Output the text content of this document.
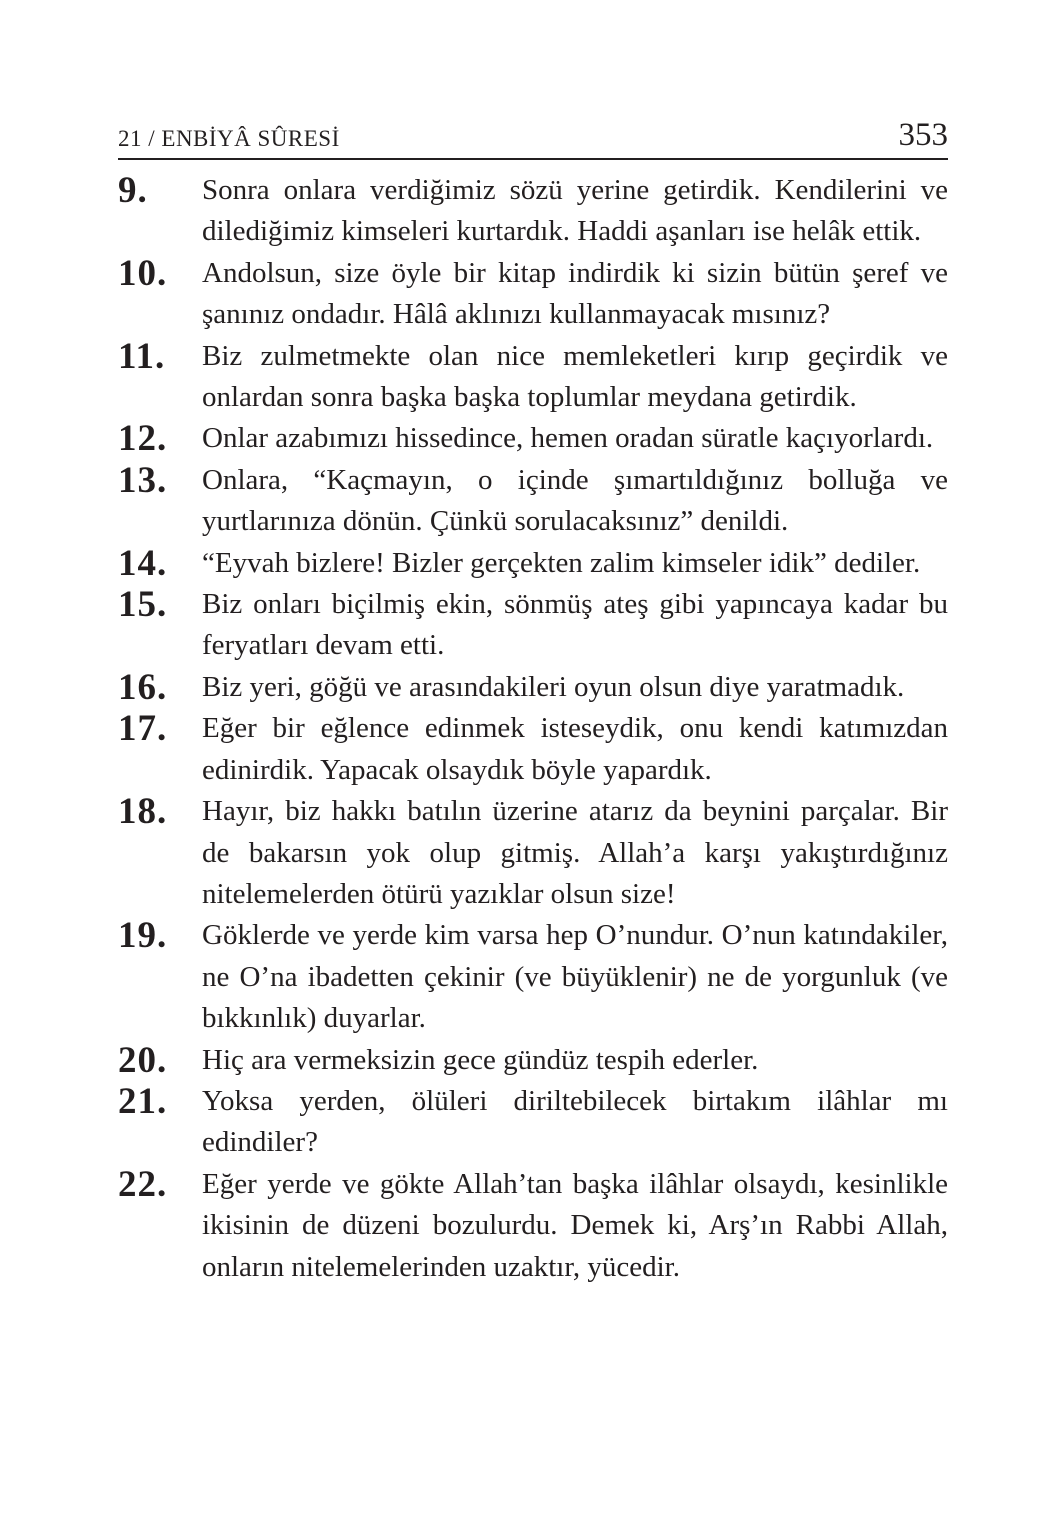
21 / ENBİYÂ SÛRESİ	353
9.	Sonra onlara verdiğimiz sözü yerine getirdik. Kendilerini ve dilediğimiz kimseleri kurtardık. Haddi aşanları ise helâk ettik.
10.	Andolsun, size öyle bir kitap indirdik ki sizin bütün şeref ve şanınız ondadır. Hâlâ aklınızı kullanmayacak mısınız?
11.	Biz zulmetmekte olan nice memleketleri kırıp geçirdik ve onlardan sonra başka başka toplumlar meydana getirdik.
12.	Onlar azabımızı hissedince, hemen oradan süratle kaçıyorlardı.
13.	Onlara, “Kaçmayın, o içinde şımartıldığınız bolluğa ve yurtlarınıza dönün. Çünkü sorulacaksınız” denildi.
14.	“Eyvah bizlere! Bizler gerçekten zalim kimseler idik” dediler.
15.	Biz onları biçilmiş ekin, sönmüş ateş gibi yapıncaya kadar bu feryatları devam etti.
16.	Biz yeri, göğü ve arasındakileri oyun olsun diye yaratmadık.
17.	Eğer bir eğlence edinmek isteseydik, onu kendi katımızdan edinirdik. Yapacak olsaydık böyle yapardık.
18.	Hayır, biz hakkı batılın üzerine atarız da beynini parçalar. Bir de bakarsın yok olup gitmiş. Allah’a karşı yakıştırdığınız nitelemelerden ötürü yazıklar olsun size!
19.	Göklerde ve yerde kim varsa hep O’nundur. O’nun katındakiler, ne O’na ibadetten çekinir (ve büyüklenir) ne de yorgunluk (ve bıkkınlık) duyarlar.
20.	Hiç ara vermeksizin gece gündüz tespih ederler.
21.	Yoksa yerden, ölüleri diriltebilecek birtakım ilâhlar mı edindiler?
22.	Eğer yerde ve gökte Allah’tan başka ilâhlar olsaydı, kesinlikle ikisinin de düzeni bozulurdu. Demek ki, Arş’ın Rabbi Allah, onların nitelemelerinden uzaktır, yücedir.
